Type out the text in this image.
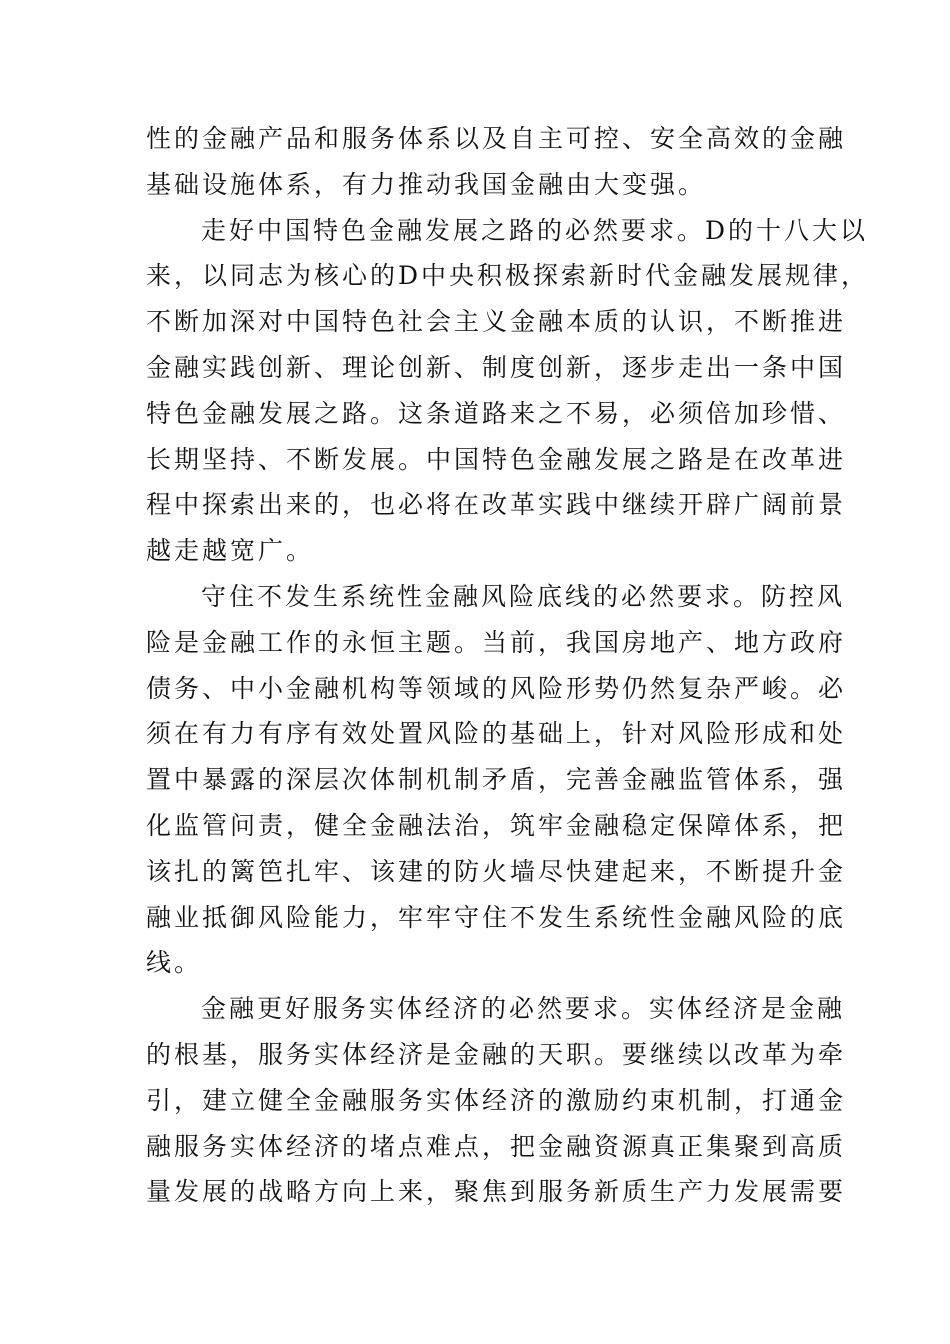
性的金融产品和服务体系以及自主可控、安全高效的金融
基础设施体系，有力推动我国金融由大变强。
走好中国特色金融发展之路的必然要求。D的十八大以
来，以同志为核心的D中央积极探索新时代金融发展规律，
不断加深对中国特色社会主义金融本质的认识，不断推进
金融实践创新、理论创新、制度创新，逐步走出一条中国
特色金融发展之路。这条道路来之不易，必须倍加珍惜、
长期坚持、不断发展。中国特色金融发展之路是在改革进
程中探索出来的，也必将在改革实践中继续开辟广阔前景
越走越宽广。
守住不发生系统性金融风险底线的必然要求。防控风
险是金融工作的永恒主题。当前，我国房地产、地方政府
债务、中小金融机构等领域的风险形势仍然复杂严峻。必
须在有力有序有效处置风险的基础上，针对风险形成和处
置中暴露的深层次体制机制矛盾，完善金融监管体系，强
化监管问责，健全金融法治，筑牢金融稳定保障体系，把
该扎的篱笆扎牢、该建的防火墙尽快建起来，不断提升金
融业抵御风险能力，牢牢守住不发生系统性金融风险的底
线。
金融更好服务实体经济的必然要求。实体经济是金融
的根基，服务实体经济是金融的天职。要继续以改革为牵
引，建立健全金融服务实体经济的激励约束机制，打通金
融服务实体经济的堵点难点，把金融资源真正集聚到高质
量发展的战略方向上来，聚焦到服务新质生产力发展需要
